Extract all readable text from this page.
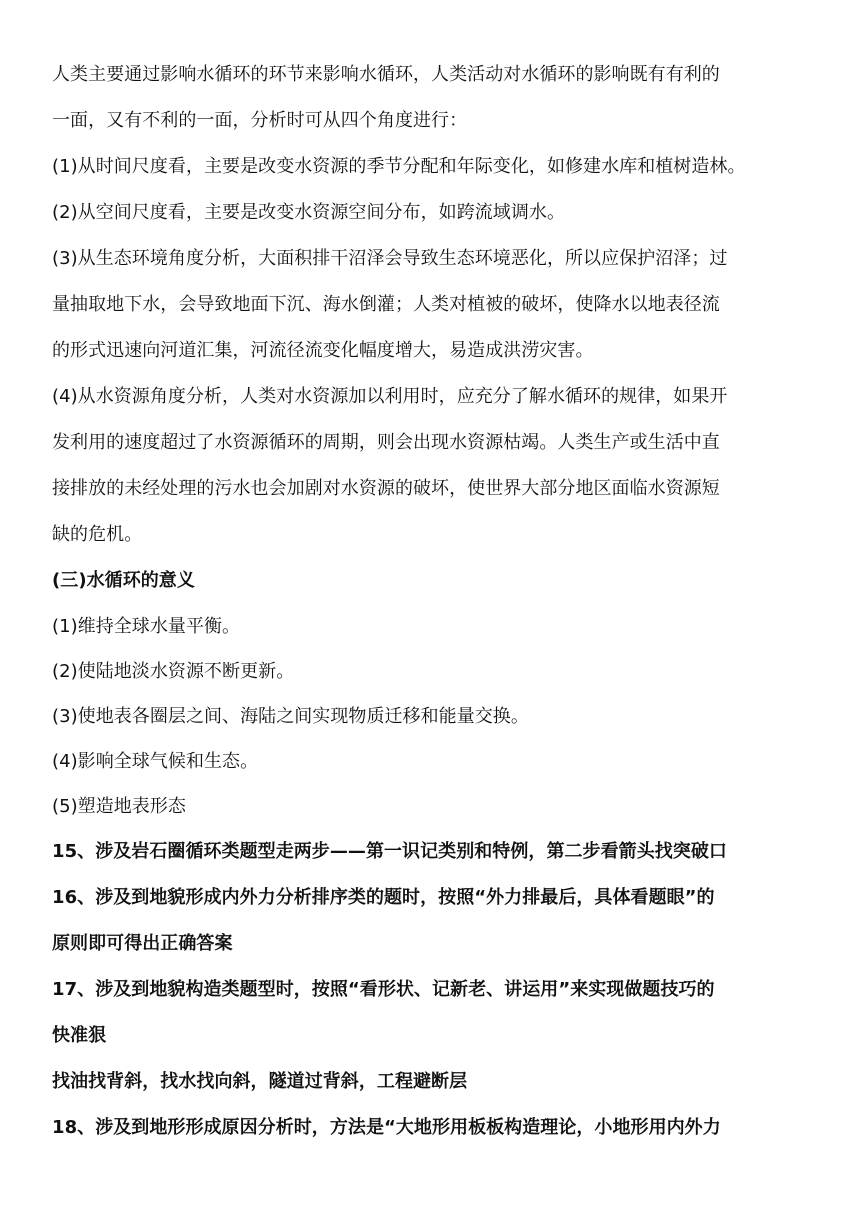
人类主要通过影响水循环的环节来影响水循环，人类活动对水循环的影响既有有利的
一面，又有不利的一面，分析时可从四个角度进行：
(1)从时间尺度看，主要是改变水资源的季节分配和年际变化，如修建水库和植树造林。
(2)从空间尺度看，主要是改变水资源空间分布，如跨流域调水。
(3)从生态环境角度分析，大面积排干沼泽会导致生态环境恶化，所以应保护沼泽；过
量抽取地下水，会导致地面下沉、海水倒灌；人类对植被的破坏，使降水以地表径流
的形式迅速向河道汇集，河流径流变化幅度增大，易造成洪涝灾害。
(4)从水资源角度分析，人类对水资源加以利用时，应充分了解水循环的规律，如果开
发利用的速度超过了水资源循环的周期，则会出现水资源枯竭。人类生产或生活中直
接排放的未经处理的污水也会加剧对水资源的破坏，使世界大部分地区面临水资源短
缺的危机。
(三)水循环的意义
(1)维持全球水量平衡。
(2)使陆地淡水资源不断更新。
(3)使地表各圈层之间、海陆之间实现物质迁移和能量交换。
(4)影响全球气候和生态。
(5)塑造地表形态
15、涉及岩石圈循环类题型走两步——第一识记类别和特例，第二步看箭头找突破口
16、涉及到地貌形成内外力分析排序类的题时，按照“外力排最后，具体看题眼”的
原则即可得出正确答案
17、涉及到地貌构造类题型时，按照“看形状、记新老、讲运用”来实现做题技巧的
快准狠
找油找背斜，找水找向斜，隧道过背斜，工程避断层
18、涉及到地形形成原因分析时，方法是“大地形用板板构造理论，小地形用内外力
